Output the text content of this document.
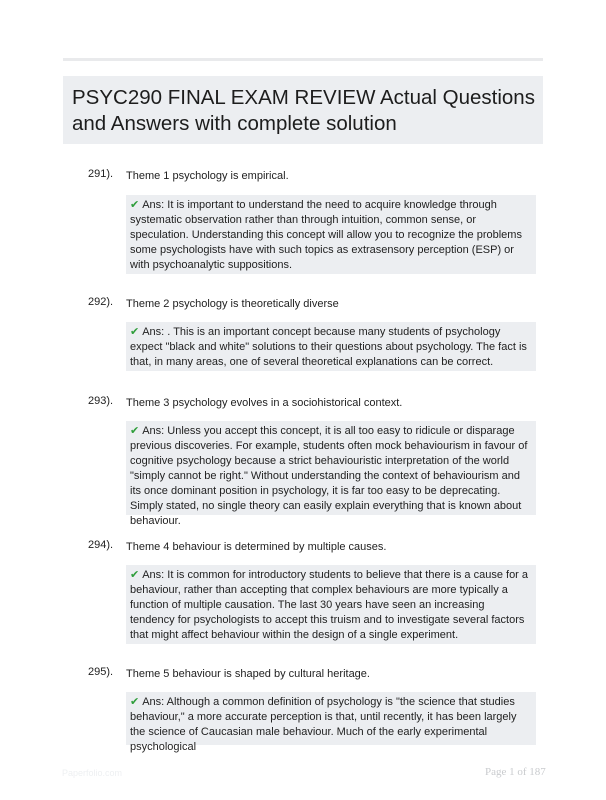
PSYC290 FINAL EXAM REVIEW Actual Questions and Answers with complete solution
291). Theme 1 psychology is empirical.
✔ Ans: It is important to understand the need to acquire knowledge through systematic observation rather than through intuition, common sense, or speculation. Understanding this concept will allow you to recognize the problems some psychologists have with such topics as extrasensory perception (ESP) or with psychoanalytic suppositions.
292). Theme 2 psychology is theoretically diverse
✔ Ans: . This is an important concept because many students of psychology expect "black and white" solutions to their questions about psychology. The fact is that, in many areas, one of several theoretical explanations can be correct.
293). Theme 3 psychology evolves in a sociohistorical context.
✔ Ans: Unless you accept this concept, it is all too easy to ridicule or disparage previous discoveries. For example, students often mock behaviourism in favour of cognitive psychology because a strict behaviouristic interpretation of the world "simply cannot be right." Without understanding the context of behaviourism and its once dominant position in psychology, it is far too easy to be deprecating. Simply stated, no single theory can easily explain everything that is known about behaviour.
294). Theme 4 behaviour is determined by multiple causes.
✔ Ans: It is common for introductory students to believe that there is a cause for a behaviour, rather than accepting that complex behaviours are more typically a function of multiple causation. The last 30 years have seen an increasing tendency for psychologists to accept this truism and to investigate several factors that might affect behaviour within the design of a single experiment.
295). Theme 5 behaviour is shaped by cultural heritage.
✔ Ans: Although a common definition of psychology is "the science that studies behaviour," a more accurate perception is that, until recently, it has been largely the science of Caucasian male behaviour. Much of the early experimental psychological
Paperfolio.com	Page 1 of 187
